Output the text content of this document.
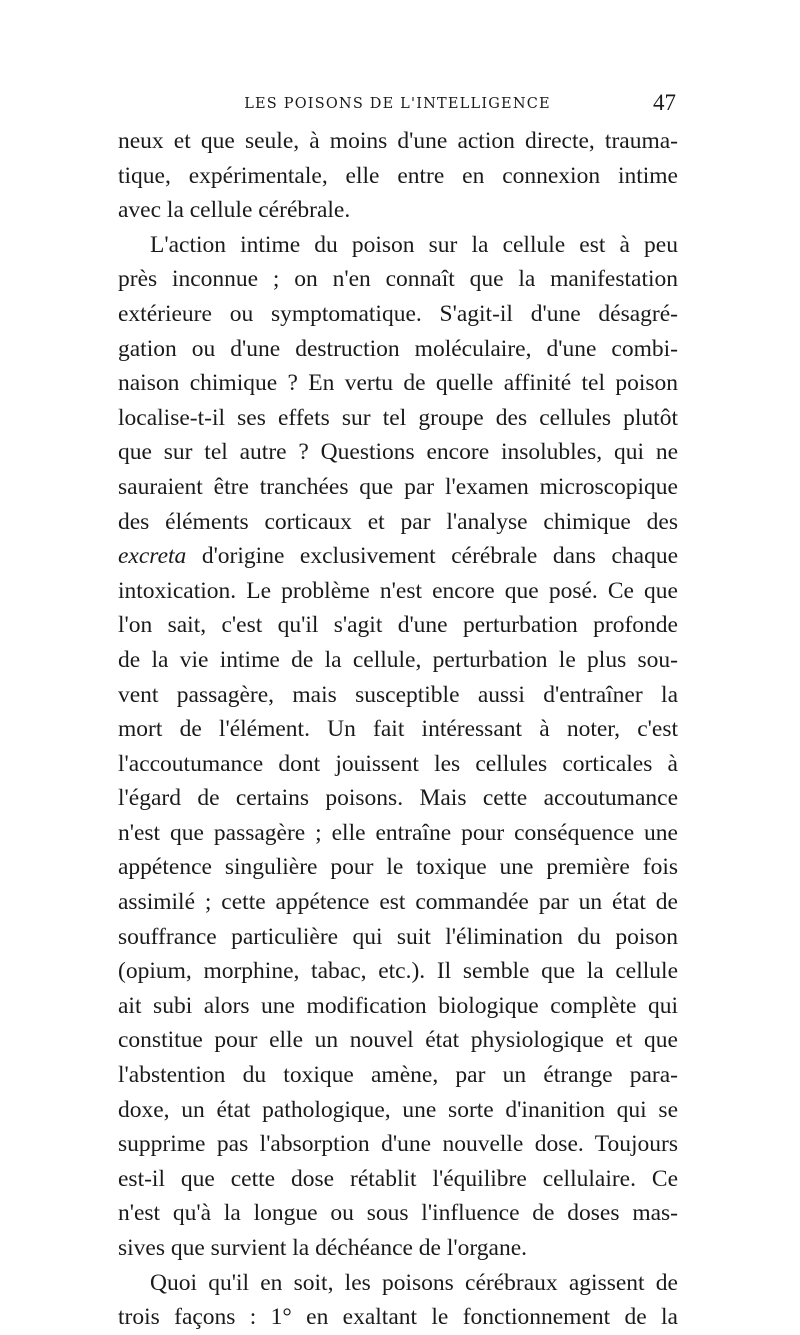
LES POISONS DE L'INTELLIGENCE	47
neux et que seule, à moins d'une action directe, trauma-
tique, expérimentale, elle entre en connexion intime
avec la cellule cérébrale.
L'action intime du poison sur la cellule est à peu
près inconnue ; on n'en connaît que la manifestation
extérieure ou symptomatique. S'agit-il d'une désagré-
gation ou d'une destruction moléculaire, d'une combi-
naison chimique ? En vertu de quelle affinité tel poison
localise-t-il ses effets sur tel groupe des cellules plutôt
que sur tel autre ? Questions encore insolubles, qui ne
sauraient être tranchées que par l'examen microscopique
des éléments corticaux et par l'analyse chimique des
excreta d'origine exclusivement cérébrale dans chaque
intoxication. Le problème n'est encore que posé. Ce que
l'on sait, c'est qu'il s'agit d'une perturbation profonde
de la vie intime de la cellule, perturbation le plus sou-
vent passagère, mais susceptible aussi d'entraîner la
mort de l'élément. Un fait intéressant à noter, c'est
l'accoutumance dont jouissent les cellules corticales à
l'égard de certains poisons. Mais cette accoutumance
n'est que passagère ; elle entraîne pour conséquence une
appétence singulière pour le toxique une première fois
assimilé ; cette appétence est commandée par un état de
souffrance particulière qui suit l'élimination du poison
(opium, morphine, tabac, etc.). Il semble que la cellule
ait subi alors une modification biologique complète qui
constitue pour elle un nouvel état physiologique et que
l'abstention du toxique amène, par un étrange para-
doxe, un état pathologique, une sorte d'inanition qui se
supprime pas l'absorption d'une nouvelle dose. Toujours
est-il que cette dose rétablit l'équilibre cellulaire. Ce
n'est qu'à la longue ou sous l'influence de doses mas-
sives que survient la déchéance de l'organe.
Quoi qu'il en soit, les poisons cérébraux agissent de
trois façons : 1° en exaltant le fonctionnement de la
